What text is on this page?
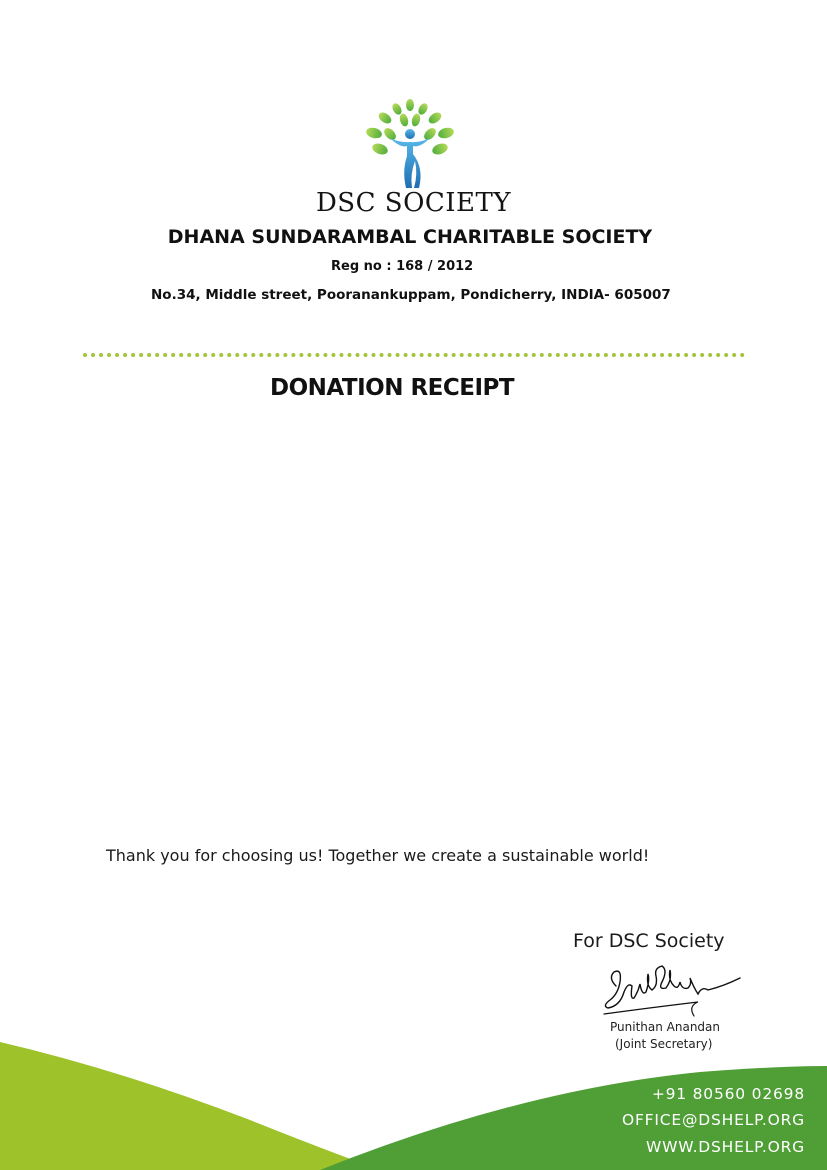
DSC SOCIETY
DHANA SUNDARAMBAL CHARITABLE SOCIETY
Reg no : 168 / 2012
No.34, Middle street, Pooranankuppam, Pondicherry, INDIA- 605007
DONATION RECEIPT
Thank you for choosing us! Together we create a sustainable world!
For DSC Society
Punithan Anandan
(Joint Secretary)
+91 80560 02698
OFFICE@DSHELP.ORG
WWW.DSHELP.ORG
